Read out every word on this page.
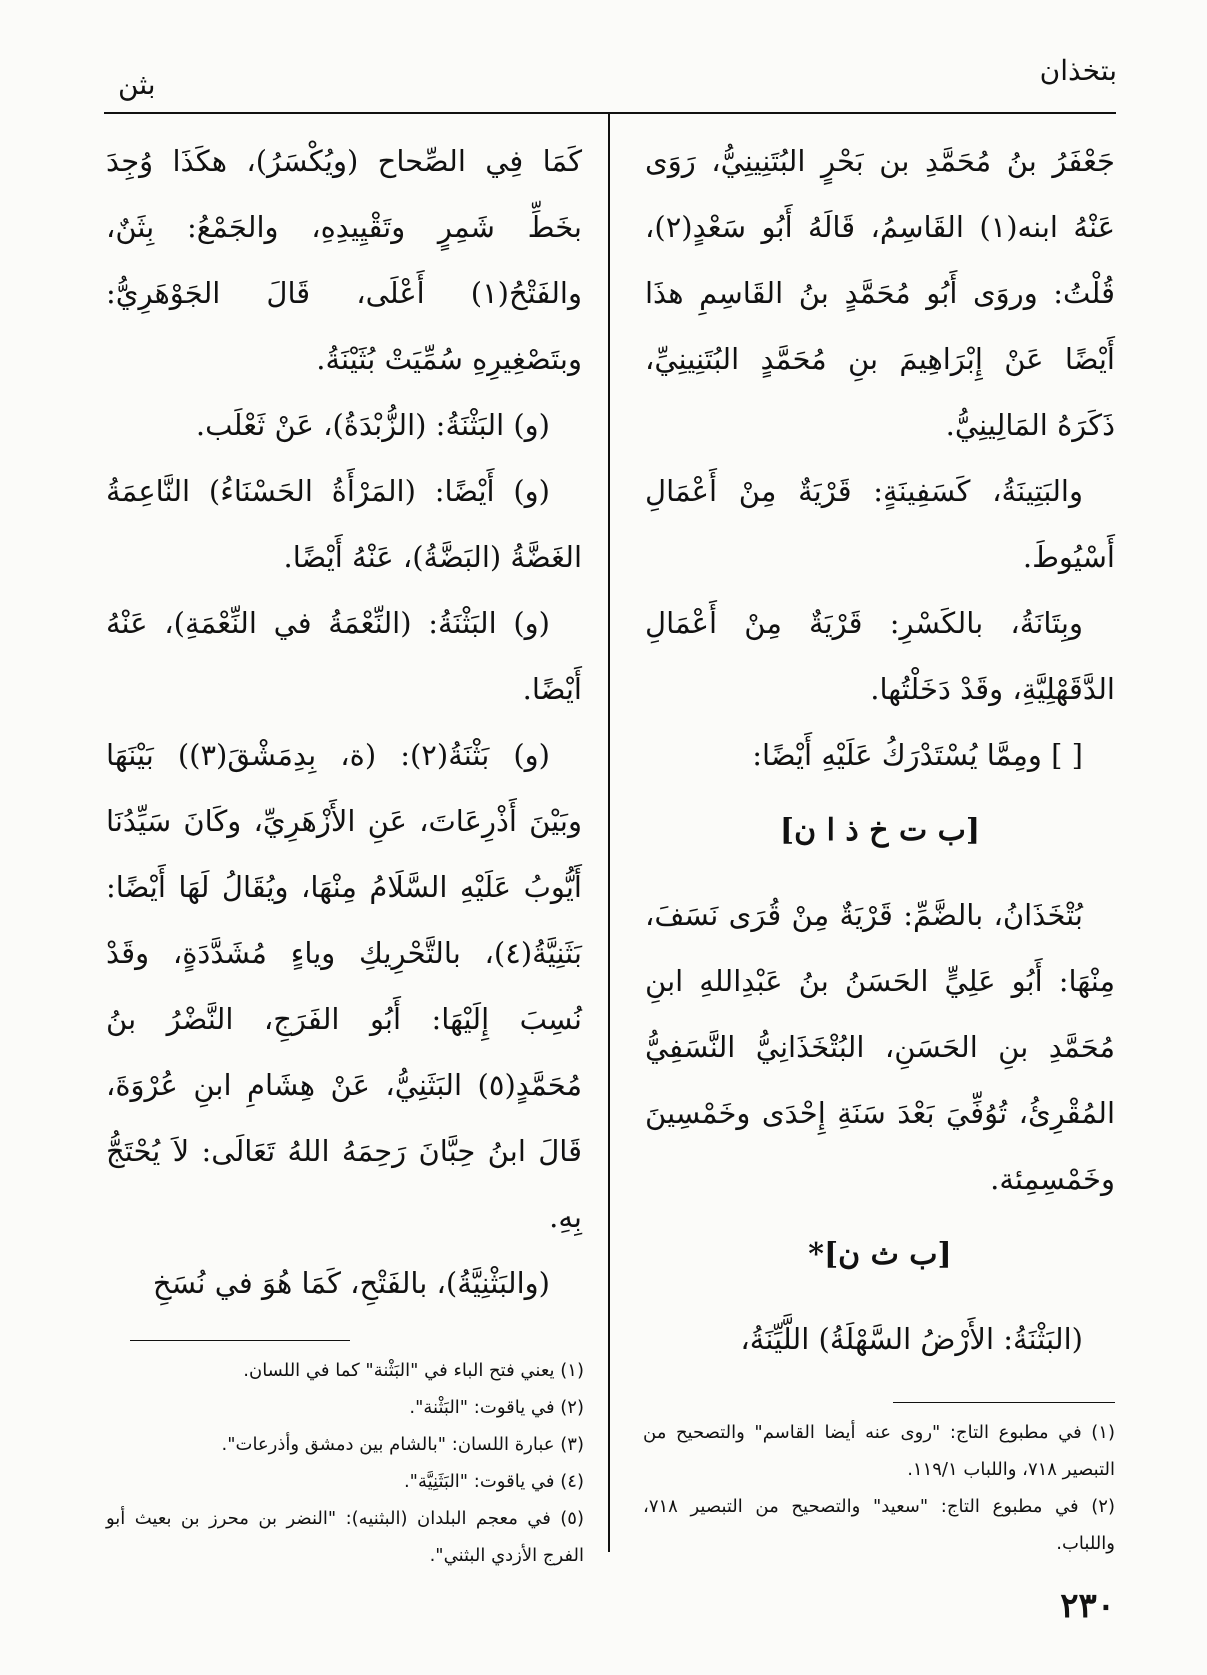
بتخذان
بثن

جَعْفَرُ بنُ مُحَمَّدِ بن بَحْرٍ البُتَنِينِيُّ، رَوَى عَنْهُ ابنه(١) القَاسِمُ، قَالَهُ أَبُو سَعْدٍ(٢)، قُلْتُ: وروَى أَبُو مُحَمَّدٍ بنُ القَاسِمِ هذَا أَيْضًا عَنْ إِبْرَاهِيمَ بنِ مُحَمَّدٍ البُتَنِينِيِّ، ذَكَرَهُ المَالِينِيُّ.

والبَتِينَةُ، كَسَفِينَةٍ: قَرْيَةٌ مِنْ أَعْمَالِ أَسْيُوطَ.

وبِتَانَةُ، بالكَسْرِ: قَرْيَةٌ مِنْ أَعْمَالِ الدَّقَهْلِيَّةِ، وقَدْ دَخَلْتُها.

[ ] ومِمَّا يُسْتَدْرَكُ عَلَيْهِ أَيْضًا:

[ب ت خ ذ ا ن]

بُتْخَذَانُ، بالضَّمِّ: قَرْيَةٌ مِنْ قُرَى نَسَفَ، مِنْهَا: أَبُو عَلِيٍّ الحَسَنُ بنُ عَبْدِاللهِ ابنِ مُحَمَّدِ بنِ الحَسَنِ، البُتْخَذَانِيُّ النَّسَفِيُّ المُقْرِئُ، تُوُفِّيَ بَعْدَ سَنَةِ إِحْدَى وخَمْسِينَ وخَمْسِمِئة.

[ب ث ن]*

(البَثْنَةُ: الأَرْضُ السَّهْلَةُ) اللَّيِّنَةُ،

كَمَا فِي الصِّحاح (ويُكْسَرُ)، هكَذَا وُجِدَ بخَطِّ شَمِرٍ وتَقْيِيدِهِ، والجَمْعُ: بِثَنٌ، والفَتْحُ(١) أَعْلَى، قَالَ الجَوْهَرِيُّ: وبتَصْغِيرِهِ سُمِّيَتْ بُثَيْنَةُ.

(و) البَثْنَةُ: (الزُّبْدَةُ)، عَنْ ثَعْلَب.

(و) أَيْضًا: (المَرْأَةُ الحَسْنَاءُ) النَّاعِمَةُ الغَضَّةُ (البَضَّةُ)، عَنْهُ أَيْضًا.

(و) البَثْنَةُ: (النِّعْمَةُ في النِّعْمَةِ)، عَنْهُ أَيْضًا.

(و) بَثْنَةُ(٢): (ة، بِدِمَشْقَ(٣)) بَيْنَهَا وبَيْنَ أَذْرِعَاتَ، عَنِ الأَزْهَرِيِّ، وكَانَ سَيِّدُنَا أَيُّوبُ عَلَيْهِ السَّلَامُ مِنْهَا، ويُقَالُ لَهَا أَيْضًا: بَثَنِيَّةُ(٤)، بالتَّحْرِيكِ وياءٍ مُشَدَّدَةٍ، وقَدْ نُسِبَ إِلَيْهَا: أَبُو الفَرَجِ، النَّضْرُ بنُ مُحَمَّدٍ(٥) البَثَنِيُّ، عَنْ هِشَامِ ابنِ عُرْوَةَ، قَالَ ابنُ حِبَّانَ رَحِمَهُ اللهُ تَعَالَى: لاَ يُحْتَجُّ بِهِ.

(والبَثْنِيَّةُ)، بالفَتْحِ، كَمَا هُوَ في نُسَخِ

(١) في مطبوع التاج: "روى عنه أيضا القاسم" والتصحيح من التبصير ٧١٨، واللباب ١١٩/١.

(٢) في مطبوع التاج: "سعيد" والتصحيح من التبصير ٧١٨، واللباب.

(١) يعني فتح الباء في "البَثْنة" كما في اللسان.

(٢) في ياقوت: "البَثْنة".

(٣) عبارة اللسان: "بالشام بين دمشق وأذرعات".

(٤) في ياقوت: "البَثَنِيَّة".

(٥) في معجم البلدان (البثنيه): "النضر بن محرز بن بعيث أبو الفرج الأزدي البثني".

٢٣٠
